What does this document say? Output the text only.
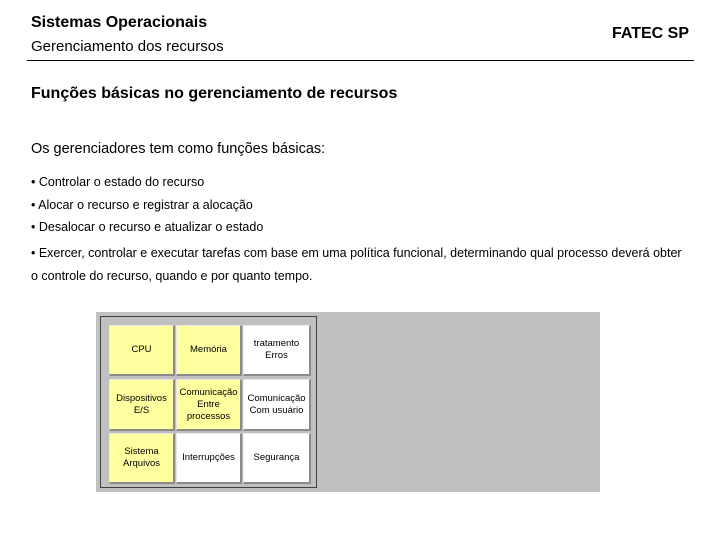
Sistemas Operacionais
Gerenciamento dos recursos
FATEC SP
Funções básicas no gerenciamento de recursos
Os gerenciadores tem como funções básicas:
• Controlar o estado do recurso
• Alocar o recurso e registrar a alocação
• Desalocar o recurso e atualizar o estado
• Exercer, controlar e executar tarefas com base em uma política funcional, determinando qual processo deverá obter o controle do recurso, quando e por quanto tempo.
CPU	Memória
tratamento
Erros
Dispositivos
E/S
Comunicação
Entre
processos
Comunicação
Com usuário
Sistema
Arquivos
Interrupções	Segurança
